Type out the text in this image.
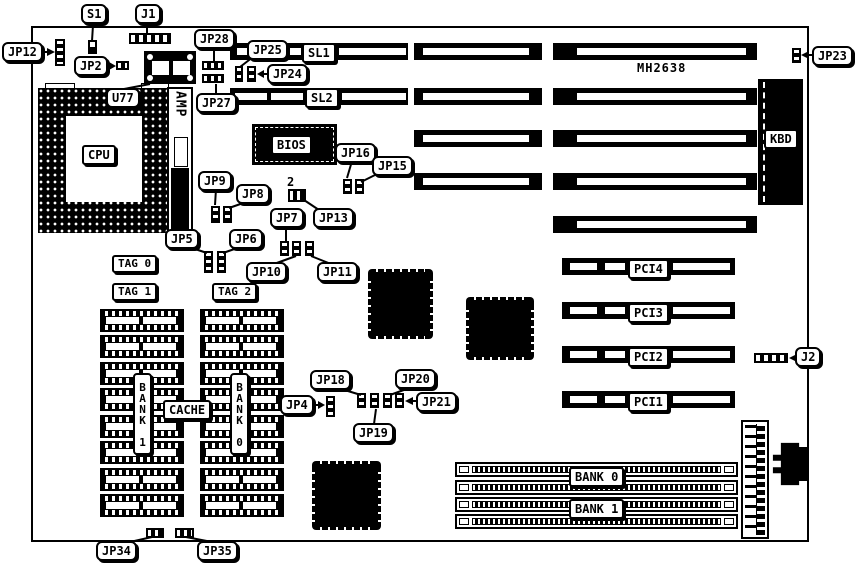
CPU
AMP
BIOS	KBD
TAG 0
TAG 1	TAG 2
BANK 1	BANK 0
CACHE
BANK 0
BANK 1
S1	J1
JP12
JP2
U77
JP28
JP27
JP25
JP24
SL1
SL2
JP16
JP15
2
JP13
JP7
JP9
JP8
JP5	JP6
JP10	JP11
JP4
JP18	JP20
JP21
JP19
JP23
J2
JP34	JP35
PCI4
PCI3
PCI2
PCI1
MH2638
